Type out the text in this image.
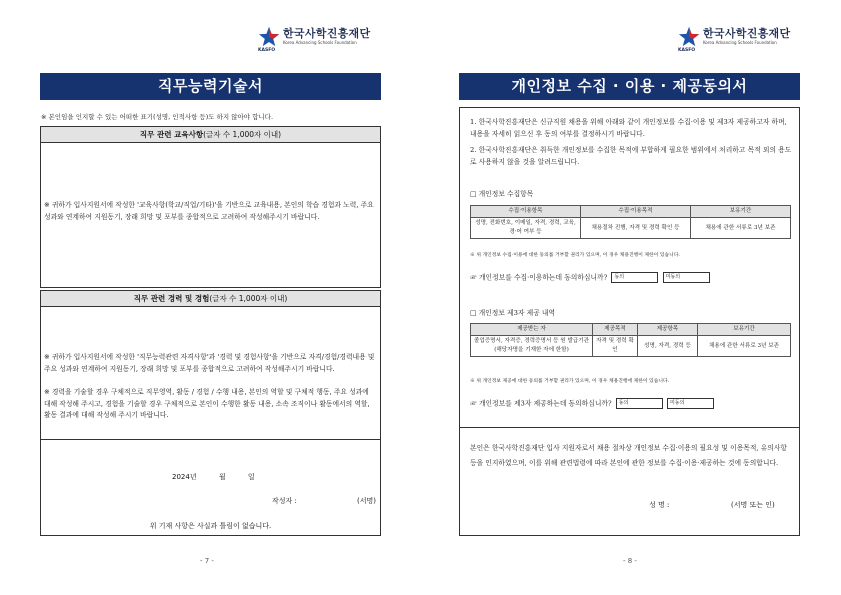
KASFO
한국사학진흥재단
Korea Advancing Schools Foundation
직무능력기술서
※ 본인임을 인지할 수 있는 어떠한 표기(성명, 인적사항 등)도 하지 않아야 합니다.
직무 관련 교육사항(글자 수 1,000자 이내)
※ 귀하가 입사지원서에 작성한 '교육사항(학교/직업/기타)'을 기반으로 교육내용, 본인의 학습 경험과 노력, 주요 성과와 연계하여 지원동기, 장래 희망 및 포부를 종합적으로 고려하여 작성해주시기 바랍니다.
직무 관련 경력 및 경험(글자 수 1,000자 이내)
※ 귀하가 입사지원서에 작성한 '직무능력관련 자격사항'과 '경력 및 경험사항'을 기반으로 자격/경험/경력내용 및 주요 성과와 연계하여 지원동기, 장래 희망 및 포부를 종합적으로 고려하여 작성해주시기 바랍니다.
※ 경력을 기술할 경우 구체적으로 직무영역, 활동 / 경험 / 수행 내용, 본인의 역할 및 구체적 행동, 주요 성과에 대해 작성해 주시고, 경험을 기술할 경우 구체적으로 본인이 수행한 활동 내용, 소속 조직이나 활동에서의 역할, 활동 결과에 대해 작성해 주시기 바랍니다.
2024년	월	일
작성자 :	(서명)
위 기재 사항은 사실과 틀림이 없습니다.
- 7 -
KASFO
한국사학진흥재단
Korea Advancing Schools Foundation
개인정보 수집 · 이용 · 제공동의서
1. 한국사학진흥재단은 신규직원 채용을 위해 아래와 같이 개인정보를 수집·이용 및 제3자 제공하고자 하며, 내용을 자세히 읽으신 후 동의 여부를 결정하시기 바랍니다.
2. 한국사학진흥재단은 취득한 개인정보를 수집한 목적에 부합하게 필요한 범위에서 처리하고 목적 외의 용도로 사용하지 않을 것을 알려드립니다.
□ 개인정보 수집항목
수집·이용항목	수집·이용목적	보유기간
성명, 전화번호, 이메일, 자격, 경력, 교육, 경·어 여부 등	채용절차 진행, 자격 및 경력 확인 등	채용에 관한 서류로 3년 보존
※ 위 개인정보 수집·이용에 대한 동의를 거부할 권리가 있으며, 이 경우 채용진행이 제한이 있습니다.
☞ 개인정보를 수집·이용하는데 동의하십니까? 동의	미동의
□ 개인정보 제3자 제공 내역
제공받는 자	제공목적	제공항목	보유기간
졸업증명서, 자격증, 경력증명서 등 원 발급기관 (해당자명을 기재한 자에 한함)	자격 및 경력 확인	성명, 자격, 경력 등	채용에 관한 서류로 3년 보존
※ 위 개인정보 제공에 대한 동의를 거부할 권리가 있으며, 이 경우 채용진행에 제한이 있습니다.
☞ 개인정보를 제3자 제공하는데 동의하십니까? 동의	미동의
본인은 한국사학진흥재단 입사 지원자로서 채용 절차상 개인정보 수집·이용의 필요성 및 이용목적, 유의사항 등을 인지하였으며, 이를 위해 관련법령에 따라 본인에 관한 정보를 수집·이용·제공하는 것에 동의합니다.
성 명 :	(서명 또는 인)
- 8 -
